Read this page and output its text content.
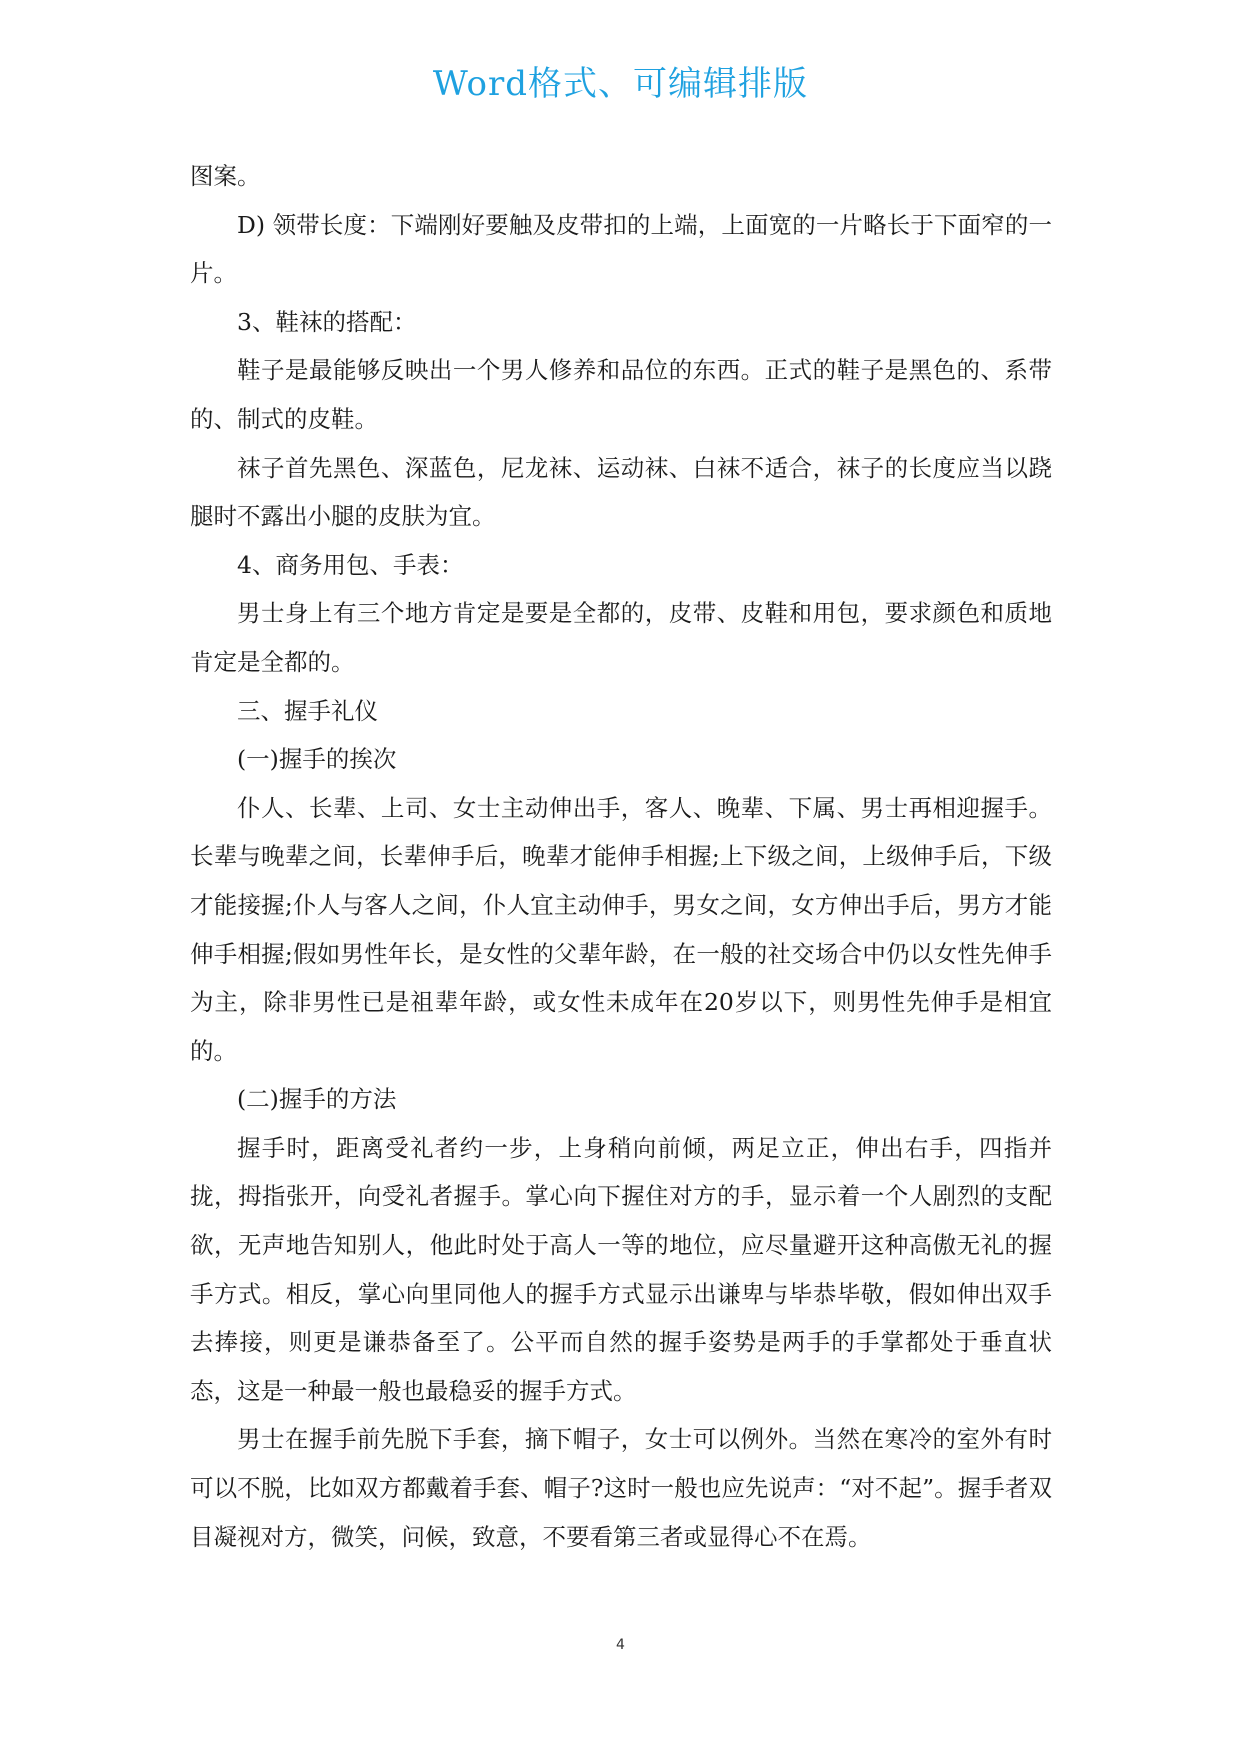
Word格式、可编辑排版

图案。

D) 领带长度：下端刚好要触及皮带扣的上端，上面宽的一片略长于下面窄的一片。

3、鞋袜的搭配：

鞋子是最能够反映出一个男人修养和品位的东西。正式的鞋子是黑色的、系带的、制式的皮鞋。

袜子首先黑色、深蓝色，尼龙袜、运动袜、白袜不适合，袜子的长度应当以跷腿时不露出小腿的皮肤为宜。

4、商务用包、手表：

男士身上有三个地方肯定是要是全都的，皮带、皮鞋和用包，要求颜色和质地肯定是全都的。

三、握手礼仪

(一)握手的挨次

仆人、长辈、上司、女士主动伸出手，客人、晚辈、下属、男士再相迎握手。长辈与晚辈之间，长辈伸手后，晚辈才能伸手相握;上下级之间，上级伸手后，下级才能接握;仆人与客人之间，仆人宜主动伸手，男女之间，女方伸出手后，男方才能伸手相握;假如男性年长，是女性的父辈年龄，在一般的社交场合中仍以女性先伸手为主，除非男性已是祖辈年龄，或女性未成年在20岁以下，则男性先伸手是相宜的。

(二)握手的方法

握手时，距离受礼者约一步，上身稍向前倾，两足立正，伸出右手，四指并拢，拇指张开，向受礼者握手。掌心向下握住对方的手，显示着一个人剧烈的支配欲，无声地告知别人，他此时处于高人一等的地位，应尽量避开这种高傲无礼的握手方式。相反，掌心向里同他人的握手方式显示出谦卑与毕恭毕敬，假如伸出双手去捧接，则更是谦恭备至了。公平而自然的握手姿势是两手的手掌都处于垂直状态，这是一种最一般也最稳妥的握手方式。

男士在握手前先脱下手套，摘下帽子，女士可以例外。当然在寒冷的室外有时可以不脱，比如双方都戴着手套、帽子?这时一般也应先说声：“对不起”。握手者双目凝视对方，微笑，问候，致意，不要看第三者或显得心不在焉。

4
